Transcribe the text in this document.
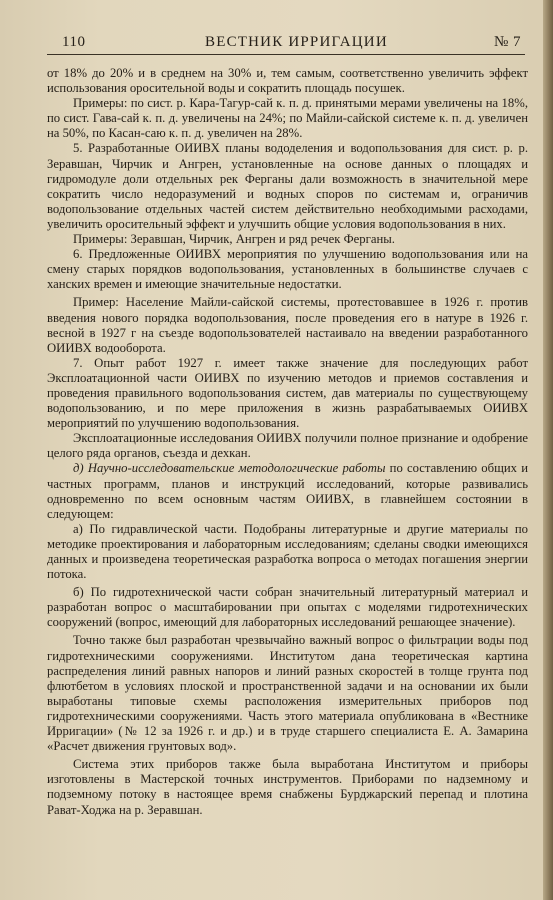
110	ВЕСТНИК ИРРИГАЦИИ	№ 7

от 18% до 20% и в среднем на 30% и, тем самым, соответственно увеличить эффект использования оросительной воды и сократить площадь посушек.

Примеры: по сист. р. Кара-Тагур-сай к. п. д. принятыми мерами увеличены на 18%, по сист. Гава-сай к. п. д. увеличены на 24%; по Майли-сайской системе к. п. д. увеличен на 50%, по Касан-саю к. п. д. увеличен на 28%.

5. Разработанные ОИИВХ планы вододеления и водопользования для сист. р. р. Зеравшан, Чирчик и Ангрен, установленные на основе данных о площадях и гидромодуле доли отдельных рек Ферганы дали возможность в значительной мере сократить число недоразумений и водных споров по системам и, ограничив водопользование отдельных частей систем действительно необходимыми расходами, увеличить оросительный эффект и улучшить общие условия водопользования в них.

Примеры: Зеравшан, Чирчик, Ангрен и ряд речек Ферганы.

6. Предложенные ОИИВХ мероприятия по улучшению водопользования или на смену старых порядков водопользования, установленных в большинстве случаев с ханских времен и имеющие значительные недостатки.

Пример: Население Майли-сайской системы, протестовавшее в 1926 г. против введения нового порядка водопользования, после проведения его в натуре в 1926 г. весной в 1927 г на съезде водопользователей настаивало на введении разработанного ОИИВХ водооборота.

7. Опыт работ 1927 г. имеет также значение для последующих работ Эксплоатационной части ОИИВХ по изучению методов и приемов составления и проведения правильного водопользования систем, дав материалы по существующему водопользованию, и по мере приложения в жизнь разрабатываемых ОИИВХ мероприятий по улучшению водопользования.

Эксплоатационные исследования ОИИВХ получили полное признание и одобрение целого ряда органов, съезда и дехкан.

д) Научно-исследовательские методологические работы по составлению общих и частных программ, планов и инструкций исследований, которые развивались одновременно по всем основным частям ОИИВХ, в главнейшем состоянии в следующем:

а) По гидравлической части. Подобраны литературные и другие материалы по методике проектирования и лабораторным исследованиям; сделаны сводки имеющихся данных и произведена теоретическая разработка вопроса о методах погашения энергии потока.

б) По гидротехнической части собран значительный литературный материал и разработан вопрос о масштабировании при опытах с моделями гидротехнических сооружений (вопрос, имеющий для лабораторных исследований решающее значение).

Точно также был разработан чрезвычайно важный вопрос о фильтрации воды под гидротехническими сооружениями. Институтом дана теоретическая картина распределения линий равных напоров и линий разных скоростей в толще грунта под флютбетом в условиях плоской и пространственной задачи и на основании их были выработаны типовые схемы расположения измерительных приборов под гидротехническими сооружениями. Часть этого материала опубликована в «Вестнике Ирригации» (№ 12 за 1926 г. и др.) и в труде старшего специалиста Е. А. Замарина «Расчет движения грунтовых вод».

Система этих приборов также была выработана Институтом и приборы изготовлены в Мастерской точных инструментов. Приборами по надземному и подземному потоку в настоящее время снабжены Бурджарский перепад и плотина Рават-Ходжа на р. Зеравшан.
